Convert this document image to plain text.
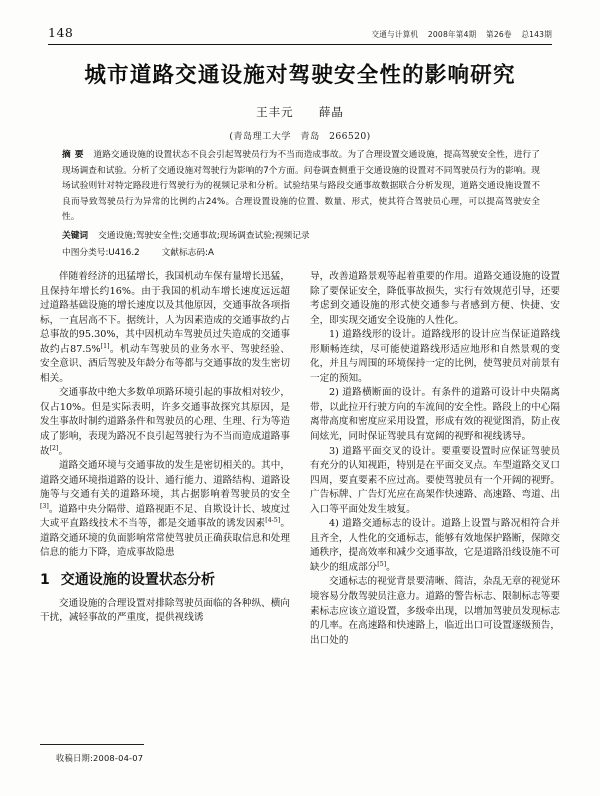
148	交通与计算机 2008年第4期 第26卷 总143期
城市道路交通设施对驾驶安全性的影响研究
王丰元 薛晶
(青岛理工大学　青岛　266520)
摘要 道路交通设施的设置状态不良会引起驾驶员行为不当而造成事故。为了合理设置交通设施，提高驾驶安全性，进行了现场调查和试验。分析了交通设施对驾驶行为影响的7个方面。问卷调查侧重于交通设施的设置对不同驾驶员行为的影响。现场试验则针对特定路段进行驾驶行为的视频记录和分析。试验结果与路段交通事故数据联合分析发现，道路交通设施设置不良而导致驾驶员行为异常的比例约占24%。合理设置设施的位置、数量、形式，使其符合驾驶员心理，可以提高驾驶安全性。
关键词 交通设施;驾驶安全性;交通事故;现场调查试验;视频记录
中图分类号:U416.2	文献标志码:A

伴随着经济的迅猛增长，我国机动车保有量增长迅猛，且保持年增长约16%。由于我国的机动车增长速度远远超过道路基础设施的增长速度以及其他原因，交通事故各项指标，一直居高不下。据统计，人为因素造成的交通事故约占总事故的95.30%，其中因机动车驾驶员过失造成的交通事故约占87.5%[1]。机动车驾驶员的业务水平、驾驶经验、安全意识、酒后驾驶及年龄分布等都与交通事故的发生密切相关。

交通事故中绝大多数单项路环境引起的事故相对较少，仅占10%。但是实际表明，许多交通事故探究其原因，是发生事故时制约道路条件和驾驶员的心理、生理、行为等造成了影响，表现为路况不良引起驾驶行为不当而造成道路事故[2]。

道路交通环境与交通事故的发生是密切相关的。其中，道路交通环境指道路的设计、通行能力、道路结构、道路设施等与交通有关的道路环境，其占据影响着驾驶员的安全[3]。道路中央分隔带、道路视距不足、自欺设计长、坡度过大或平直路线技术不当等，都是交通事故的诱发因素[4-5]。道路交通环境的负面影响常常使驾驶员正确获取信息和处理信息的能力下降，造成事故隐患

1 交通设施的设置状态分析

交通设施的合理设置对排除驾驶员面临的各种纵、横向干扰，减轻事故的严重度，提供视线诱

导，改善道路景观等起着重要的作用。道路交通设施的设置除了要保证安全，降低事故损失，实行有效规范引导，还要考虑到交通设施的形式使交通参与者感到方便、快捷、安全，即实现交通安全设施的人性化。

1) 道路线形的设计。道路线形的设计应当保证道路线形顺畅连续，尽可能使道路线形适应地形和自然景观的变化，并且与周围的环境保持一定的比例，使驾驶员对前景有一定的预知。

2) 道路横断面的设计。有条件的道路可设计中央隔离带，以此拉开行驶方向的车流间的安全性。路段上的中心隔离带高度和密度应采用设置，形成有效的视觉图消，防止夜间炫光，同时保证驾驶具有宽阔的视野和视线诱导。

3) 道路平面交叉的设计。要重要设置时应保证驾驶员有充分的认知视距，特别是在平面交叉点。车型道路交叉口四周，要直要素不应过高。要使驾驶员有一个开阔的视野。广告标牌、广告灯光应在高架作快速路、高速路、弯道、出入口等平面处发生坡复。

4) 道路交通标志的设计。道路上设置与路况相符合并且齐全，人性化的交通标志，能够有效地保护路断，保障交通秩序，提高效率和减少交通事故，它是道路沿线设施不可缺少的组成部分[5]。

交通标志的视觉背景要清晰、简洁，杂乱无章的视觉环境容易分散驾驶员注意力。道路的警告标志、限制标志等要素标志应该立道设置，多级牵出现，以增加驾驶员发现标志的几率。在高速路和快速路上，临近出口可设置逐级预告，出口处的

收稿日期:2008-04-07
